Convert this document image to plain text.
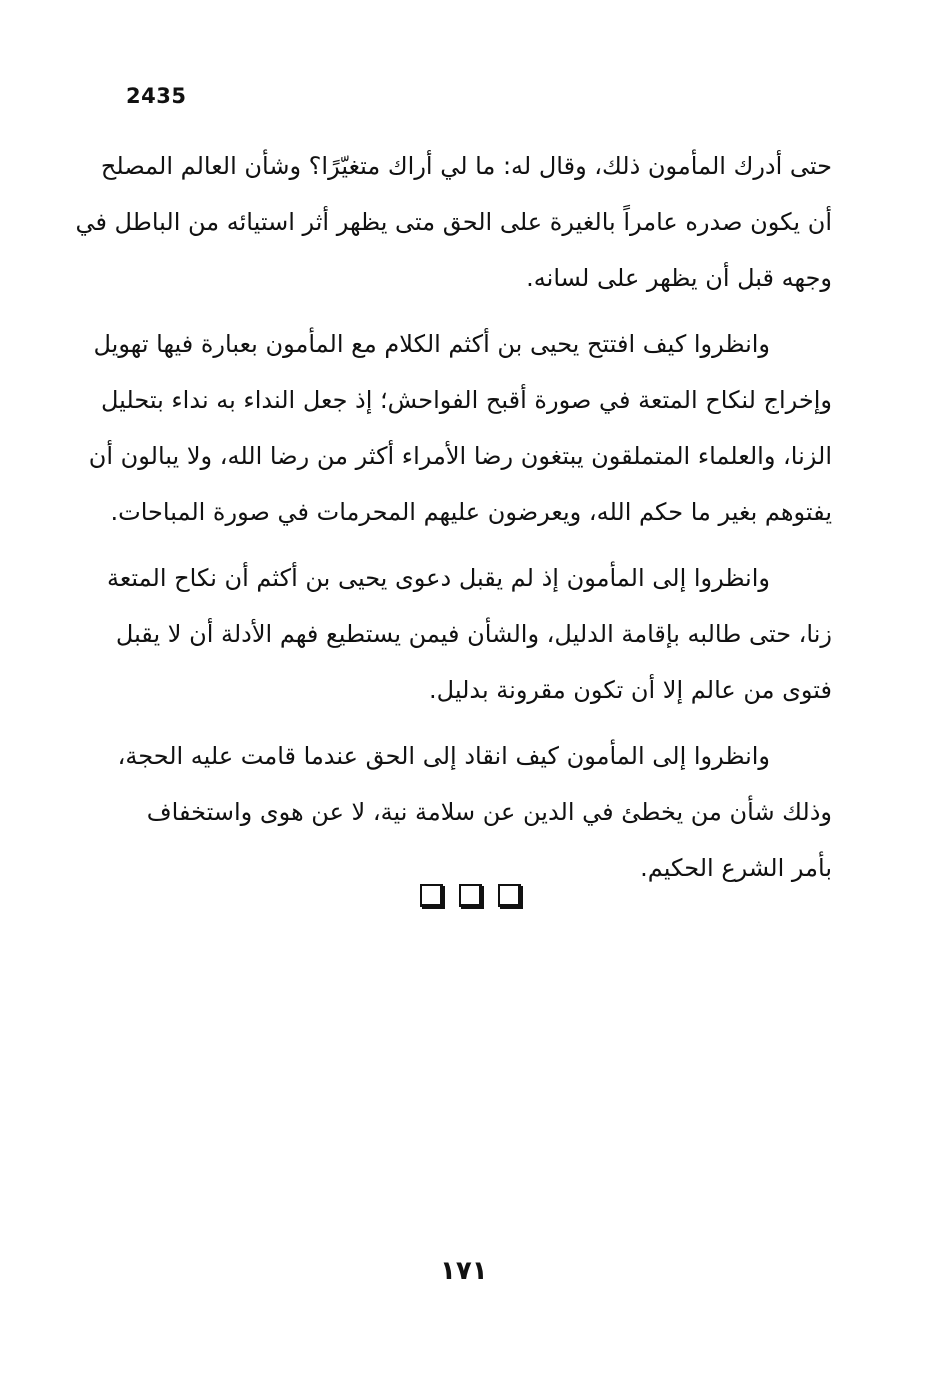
2435
حتى أدرك المأمون ذلك، وقال له: ما لي أراك متغيّرًا؟ وشأن العالم المصلح
أن يكون صدره عامراً بالغيرة على الحق متى يظهر أثر استيائه من الباطل في
وجهه قبل أن يظهر على لسانه.
وانظروا كيف افتتح يحيى بن أكثم الكلام مع المأمون بعبارة فيها تهويل
وإخراج لنكاح المتعة في صورة أقبح الفواحش؛ إذ جعل النداء به نداء بتحليل
الزنا، والعلماء المتملقون يبتغون رضا الأمراء أكثر من رضا الله، ولا يبالون أن
يفتوهم بغير ما حكم الله، ويعرضون عليهم المحرمات في صورة المباحات.
وانظروا إلى المأمون إذ لم يقبل دعوى يحيى بن أكثم أن نكاح المتعة
زنا، حتى طالبه بإقامة الدليل، والشأن فيمن يستطيع فهم الأدلة أن لا يقبل
فتوى من عالم إلا أن تكون مقرونة بدليل.
وانظروا إلى المأمون كيف انقاد إلى الحق عندما قامت عليه الحجة،
وذلك شأن من يخطئ في الدين عن سلامة نية، لا عن هوى واستخفاف
بأمر الشرع الحكيم.
١٧١
